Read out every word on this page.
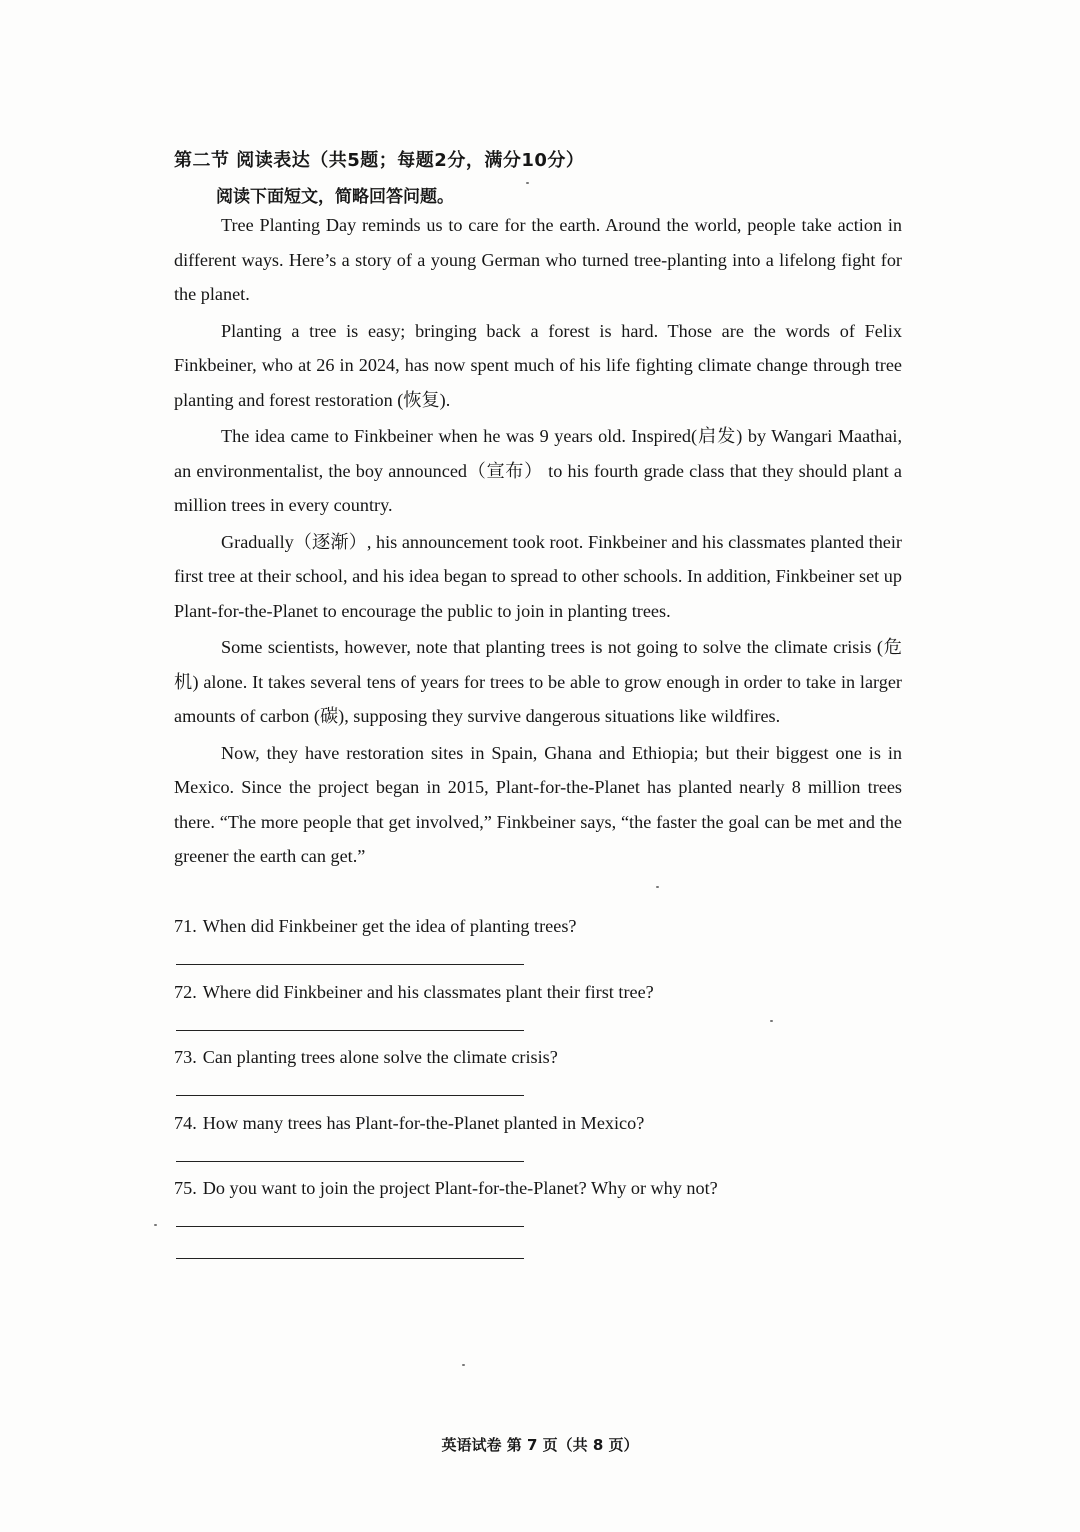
第二节 阅读表达（共5题；每题2分，满分10分）
阅读下面短文，简略回答问题。

Tree Planting Day reminds us to care for the earth. Around the world, people take action in different ways. Here’s a story of a young German who turned tree-planting into a lifelong fight for the planet.

Planting a tree is easy; bringing back a forest is hard. Those are the words of Felix Finkbeiner, who at 26 in 2024, has now spent much of his life fighting climate change through tree planting and forest restoration (恢复).

The idea came to Finkbeiner when he was 9 years old. Inspired(启发) by Wangari Maathai, an environmentalist, the boy announced（宣布） to his fourth grade class that they should plant a million trees in every country.

Gradually（逐渐）, his announcement took root. Finkbeiner and his classmates planted their first tree at their school, and his idea began to spread to other schools. In addition, Finkbeiner set up Plant-for-the-Planet to encourage the public to join in planting trees.

Some scientists, however, note that planting trees is not going to solve the climate crisis (危机) alone. It takes several tens of years for trees to be able to grow enough in order to take in larger amounts of carbon (碳), supposing they survive dangerous situations like wildfires.

Now, they have restoration sites in Spain, Ghana and Ethiopia; but their biggest one is in Mexico. Since the project began in 2015, Plant-for-the-Planet has planted nearly 8 million trees there. “The more people that get involved,” Finkbeiner says, “the faster the goal can be met and the greener the earth can get.”

71. When did Finkbeiner get the idea of planting trees?
72. Where did Finkbeiner and his classmates plant their first tree?
73. Can planting trees alone solve the climate crisis?
74. How many trees has Plant-for-the-Planet planted in Mexico?
75. Do you want to join the project Plant-for-the-Planet? Why or why not?
英语试卷 第 7 页（共 8 页）
